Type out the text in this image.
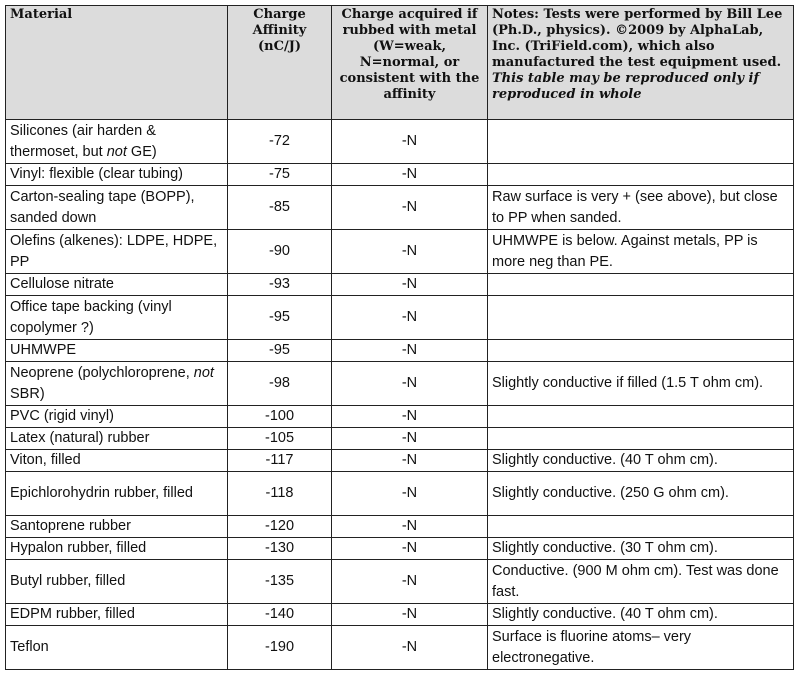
Material	Charge Affinity (nC/J)	Charge acquired if rubbed with metal (W=weak, N=normal, or consistent with the affinity	Notes: Tests were performed by Bill Lee (Ph.D., physics). ©2009 by AlphaLab, Inc. (TriField.com), which also manufactured the test equipment used. This table may be reproduced only if reproduced in whole
Silicones (air harden & thermoset, but not GE)	-72	-N	
Vinyl: flexible (clear tubing)	-75	-N	
Carton-sealing tape (BOPP), sanded down	-85	-N	Raw surface is very + (see above), but close to PP when sanded.
Olefins (alkenes): LDPE, HDPE, PP	-90	-N	UHMWPE is below. Against metals, PP is more neg than PE.
Cellulose nitrate	-93	-N	
Office tape backing (vinyl copolymer ?)	-95	-N	
UHMWPE	-95	-N	
Neoprene (polychloroprene, not SBR)	-98	-N	Slightly conductive if filled (1.5 T ohm cm).
PVC (rigid vinyl)	-100	-N	
Latex (natural) rubber	-105	-N	
Viton, filled	-117	-N	Slightly conductive. (40 T ohm cm).
Epichlorohydrin rubber, filled	-118	-N	Slightly conductive. (250 G ohm cm).
Santoprene rubber	-120	-N	
Hypalon rubber, filled	-130	-N	Slightly conductive. (30 T ohm cm).
Butyl rubber, filled	-135	-N	Conductive. (900 M ohm cm). Test was done fast.
EDPM rubber, filled	-140	-N	Slightly conductive. (40 T ohm cm).
Teflon	-190	-N	Surface is fluorine atoms– very electronegative.
